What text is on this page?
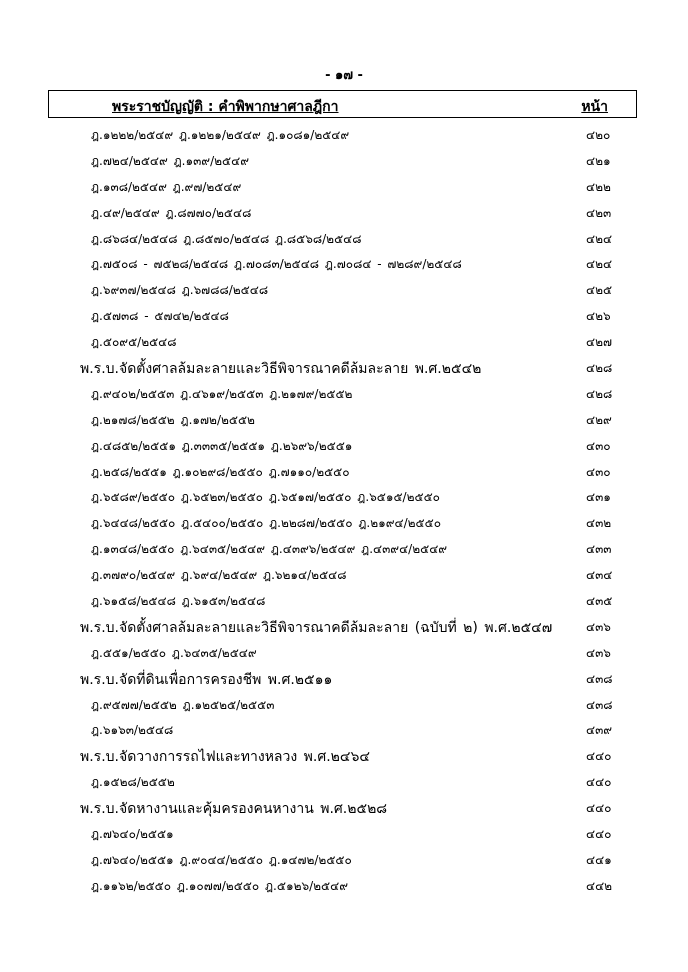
- ๑๗ -
พระราชบัญญัติ : คำพิพากษาศาลฎีกา	หน้า
ฎ.๑๒๒๒/๒๕๔๙ ฎ.๑๒๒๑/๒๕๔๙ ฎ.๑๐๘๑/๒๕๔๙	๔๒๐
ฎ.๗๒๔/๒๕๔๙ ฎ.๑๓๙/๒๕๔๙	๔๒๑
ฎ.๑๓๘/๒๕๔๙ ฎ.๙๗/๒๕๔๙	๔๒๒
ฎ.๔๙/๒๕๔๙ ฎ.๘๗๗๐/๒๕๔๘	๔๒๓
ฎ.๘๖๘๔/๒๕๔๘ ฎ.๘๕๗๐/๒๕๔๘ ฎ.๘๕๖๘/๒๕๔๘	๔๒๔
ฎ.๗๕๐๘ - ๗๕๒๘/๒๕๔๘ ฎ.๗๐๘๓/๒๕๔๘ ฎ.๗๐๘๔ - ๗๒๘๙/๒๕๔๘	๔๒๔
ฎ.๖๙๓๗/๒๕๔๘ ฎ.๖๗๘๘/๒๕๔๘	๔๒๕
ฎ.๕๗๓๘ - ๕๗๔๒/๒๕๔๘	๔๒๖
ฎ.๕๐๙๕/๒๕๔๘	๔๒๗
พ.ร.บ.จัดตั้งศาลล้มละลายและวิธีพิจารณาคดีล้มละลาย พ.ศ.๒๕๔๒	๔๒๘
ฎ.๙๔๐๒/๒๕๕๓ ฎ.๔๖๑๙/๒๕๕๓ ฎ.๒๑๗๙/๒๕๕๒	๔๒๘
ฎ.๒๑๗๘/๒๕๕๒ ฎ.๑๗๒/๒๕๕๒	๔๒๙
ฎ.๔๘๕๒/๒๕๕๑ ฎ.๓๓๓๕/๒๕๕๑ ฎ.๒๖๙๖/๒๕๕๑	๔๓๐
ฎ.๒๕๘/๒๕๕๑ ฎ.๑๐๒๙๘/๒๕๕๐ ฎ.๗๑๑๐/๒๕๕๐	๔๓๐
ฎ.๖๕๘๙/๒๕๕๐ ฎ.๖๕๒๓/๒๕๕๐ ฎ.๖๕๑๗/๒๕๕๐ ฎ.๖๕๑๕/๒๕๕๐	๔๓๑
ฎ.๖๔๔๘/๒๕๕๐ ฎ.๕๔๐๐/๒๕๕๐ ฎ.๒๒๘๗/๒๕๕๐ ฎ.๒๑๙๔/๒๕๕๐	๔๓๒
ฎ.๑๓๔๘/๒๕๕๐ ฎ.๖๔๓๕/๒๕๔๙ ฎ.๔๓๙๖/๒๕๔๙ ฎ.๔๓๙๔/๒๕๔๙	๔๓๓
ฎ.๓๗๙๐/๒๕๔๙ ฎ.๖๙๔/๒๕๔๙ ฎ.๖๒๑๔/๒๕๔๘	๔๓๔
ฎ.๖๑๕๘/๒๕๔๘ ฎ.๖๑๕๓/๒๕๔๘	๔๓๕
พ.ร.บ.จัดตั้งศาลล้มละลายและวิธีพิจารณาคดีล้มละลาย (ฉบับที่ ๒) พ.ศ.๒๕๔๗	๔๓๖
ฎ.๕๕๑/๒๕๕๐ ฎ.๖๔๓๕/๒๕๔๙	๔๓๖
พ.ร.บ.จัดที่ดินเพื่อการครองชีพ พ.ศ.๒๕๑๑	๔๓๘
ฎ.๙๕๗๗/๒๕๕๒ ฎ.๑๒๕๒๕/๒๕๕๓	๔๓๘
ฎ.๖๑๖๓/๒๕๔๘	๔๓๙
พ.ร.บ.จัดวางการรถไฟและทางหลวง พ.ศ.๒๔๖๔	๔๔๐
ฎ.๑๕๒๘/๒๕๕๒	๔๔๐
พ.ร.บ.จัดหางานและคุ้มครองคนหางาน พ.ศ.๒๕๒๘	๔๔๐
ฎ.๗๖๔๐/๒๕๕๑	๔๔๐
ฎ.๗๖๔๐/๒๕๕๑ ฎ.๙๐๔๔/๒๕๕๐ ฎ.๑๔๗๒/๒๕๕๐	๔๔๑
ฎ.๑๑๖๒/๒๕๕๐ ฎ.๑๐๗๗/๒๕๕๐ ฎ.๕๑๒๖/๒๕๔๙	๔๔๒
